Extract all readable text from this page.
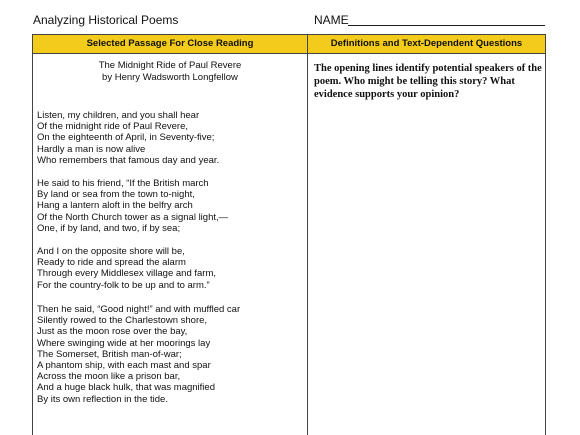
Analyzing Historical Poems	NAME
Selected Passage For Close Reading	Definitions and Text-Dependent Questions
The Midnight Ride of Paul Revere
by Henry Wadsworth Longfellow
Listen, my children, and you shall hear
Of the midnight ride of Paul Revere,
On the eighteenth of April, in Seventy-five;
Hardly a man is now alive
Who remembers that famous day and year.
He said to his friend, “If the British march
By land or sea from the town to-night,
Hang a lantern aloft in the belfry arch
Of the North Church tower as a signal light,—
One, if by land, and two, if by sea;
And I on the opposite shore will be,
Ready to ride and spread the alarm
Through every Middlesex village and farm,
For the country-folk to be up and to arm.”
Then he said, “Good night!” and with muffled car
Silently rowed to the Charlestown shore,
Just as the moon rose over the bay,
Where swinging wide at her moorings lay
The Somerset, British man-of-war;
A phantom ship, with each mast and spar
Across the moon like a prison bar,
And a huge black hulk, that was magnified
By its own reflection in the tide.
The opening lines identify potential speakers of the poem. Who might be telling this story? What evidence supports your opinion?
